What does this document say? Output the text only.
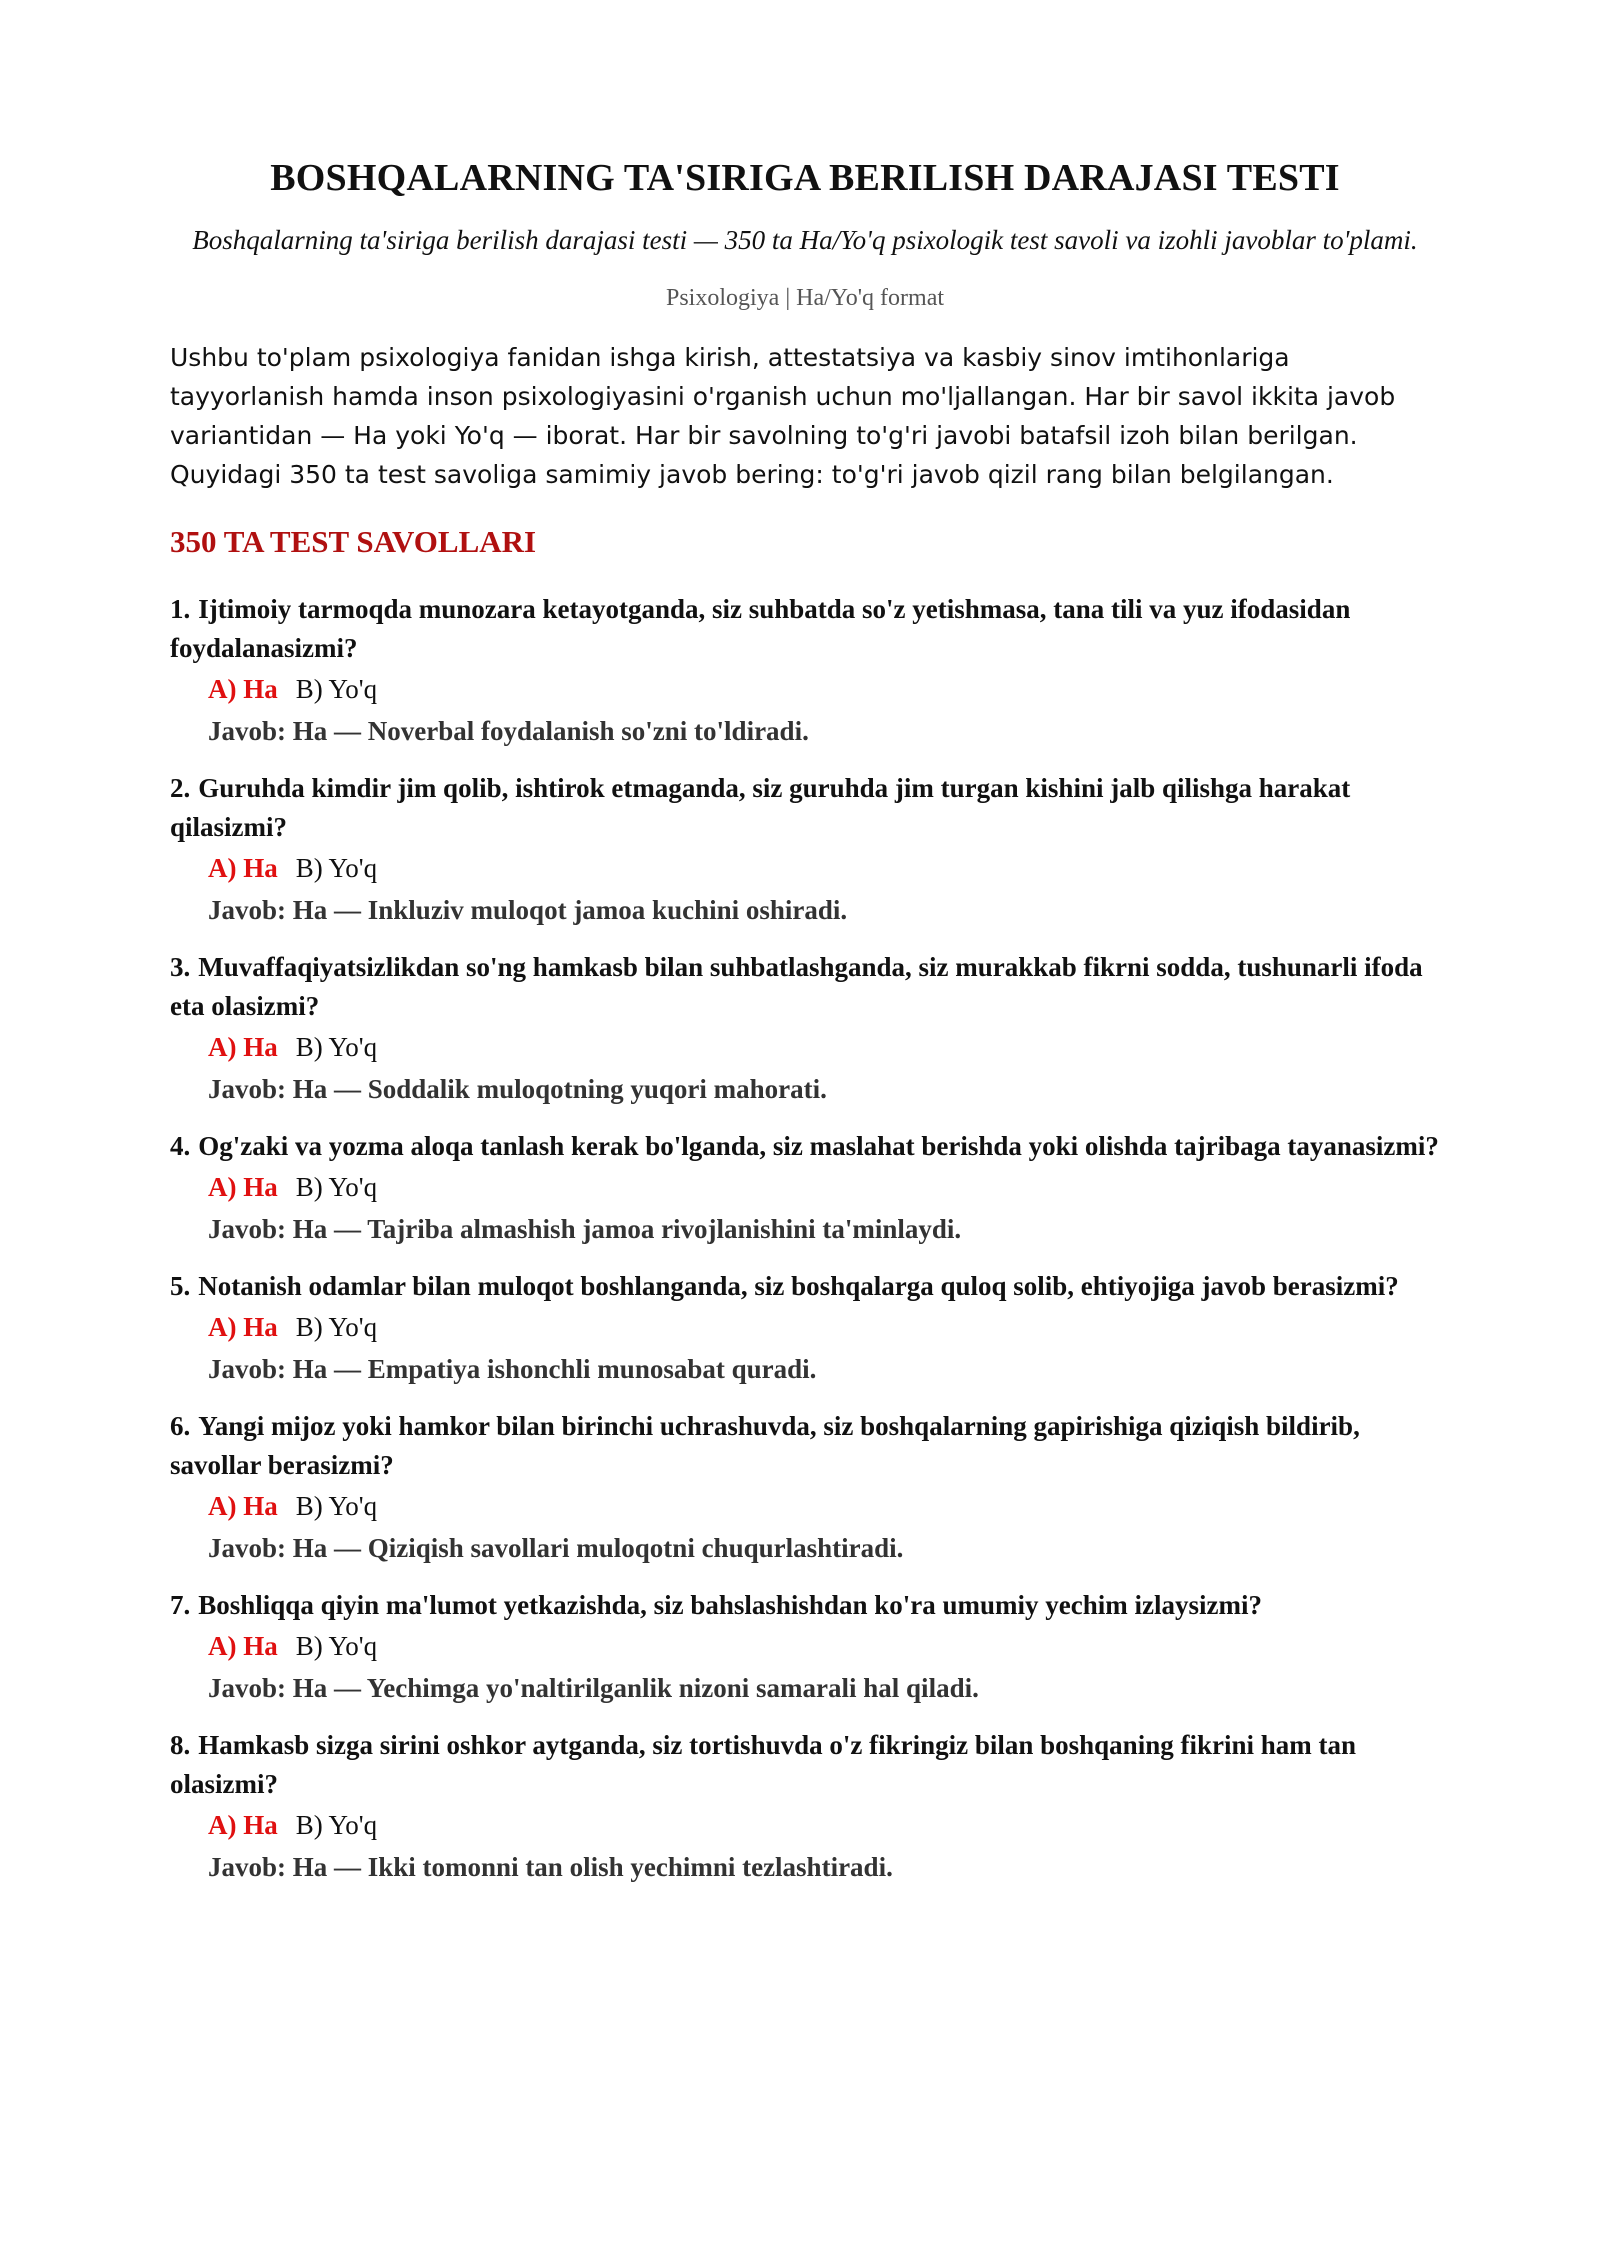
BOSHQALARNING TA'SIRIGA BERILISH DARAJASI TESTI
Boshqalarning ta'siriga berilish darajasi testi — 350 ta Ha/Yo'q psixologik test savoli va izohli javoblar to'plami.
Psixologiya | Ha/Yo'q format
Ushbu to'plam psixologiya fanidan ishga kirish, attestatsiya va kasbiy sinov imtihonlariga tayyorlanish hamda inson psixologiyasini o'rganish uchun mo'ljallangan. Har bir savol ikkita javob variantidan — Ha yoki Yo'q — iborat. Har bir savolning to'g'ri javobi batafsil izoh bilan berilgan. Quyidagi 350 ta test savoliga samimiy javob bering: to'g'ri javob qizil rang bilan belgilangan.
350 TA TEST SAVOLLARI
1. Ijtimoiy tarmoqda munozara ketayotganda, siz suhbatda so'z yetishmasa, tana tili va yuz ifodasidan foydalanasizmi?
A) Ha B) Yo'q
Javob: Ha — Noverbal foydalanish so'zni to'ldiradi.
2. Guruhda kimdir jim qolib, ishtirok etmaganda, siz guruhda jim turgan kishini jalb qilishga harakat qilasizmi?
A) Ha B) Yo'q
Javob: Ha — Inkluziv muloqot jamoa kuchini oshiradi.
3. Muvaffaqiyatsizlikdan so'ng hamkasb bilan suhbatlashganda, siz murakkab fikrni sodda, tushunarli ifoda eta olasizmi?
A) Ha B) Yo'q
Javob: Ha — Soddalik muloqotning yuqori mahorati.
4. Og'zaki va yozma aloqa tanlash kerak bo'lganda, siz maslahat berishda yoki olishda tajribaga tayanasizmi?
A) Ha B) Yo'q
Javob: Ha — Tajriba almashish jamoa rivojlanishini ta'minlaydi.
5. Notanish odamlar bilan muloqot boshlanganda, siz boshqalarga quloq solib, ehtiyojiga javob berasizmi?
A) Ha B) Yo'q
Javob: Ha — Empatiya ishonchli munosabat quradi.
6. Yangi mijoz yoki hamkor bilan birinchi uchrashuvda, siz boshqalarning gapirishiga qiziqish bildirib, savollar berasizmi?
A) Ha B) Yo'q
Javob: Ha — Qiziqish savollari muloqotni chuqurlashtiradi.
7. Boshliqqa qiyin ma'lumot yetkazishda, siz bahslashishdan ko'ra umumiy yechim izlaysizmi?
A) Ha B) Yo'q
Javob: Ha — Yechimga yo'naltirilganlik nizoni samarali hal qiladi.
8. Hamkasb sizga sirini oshkor aytganda, siz tortishuvda o'z fikringiz bilan boshqaning fikrini ham tan olasizmi?
A) Ha B) Yo'q
Javob: Ha — Ikki tomonni tan olish yechimni tezlashtiradi.
